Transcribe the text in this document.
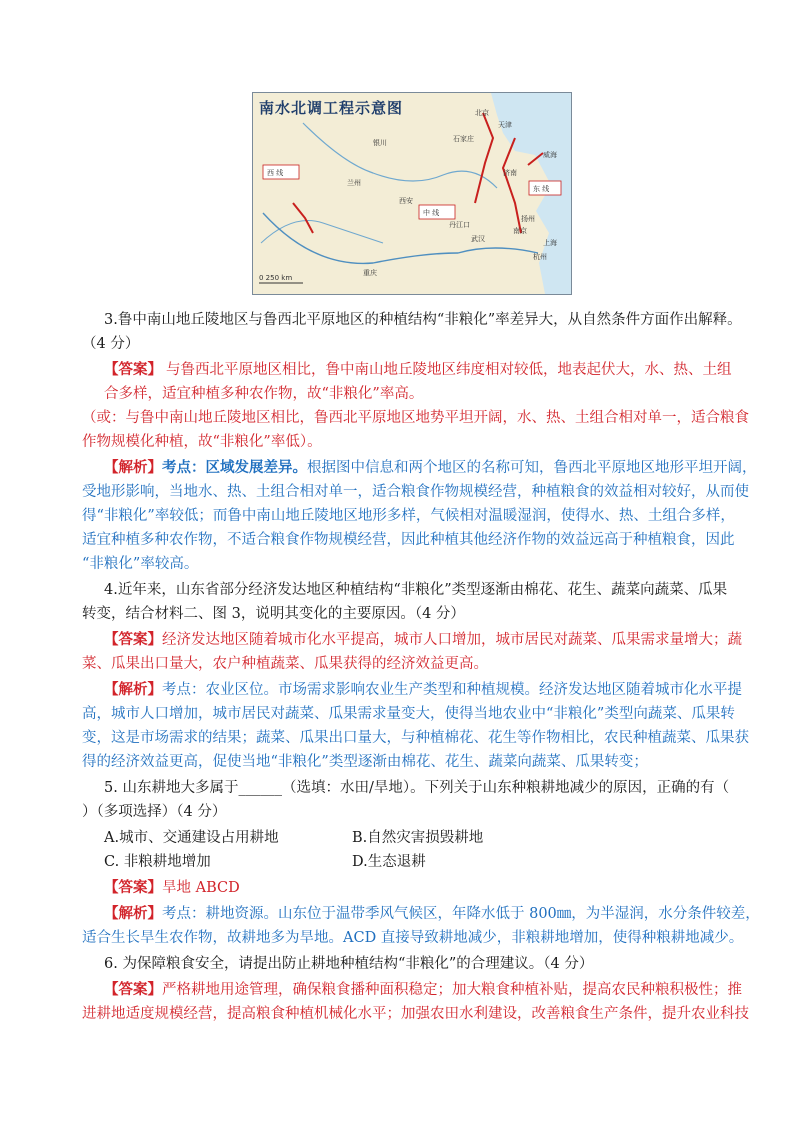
西 线
中 线
东 线
北京
天津
石家庄
济南
兰州
西安
扬州
南京
上海
杭州
武汉
重庆
威海
银川
丹江口
0 250 km
南水北调工程示意图
3.鲁中南山地丘陵地区与鲁西北平原地区的种植结构“非粮化”率差异大，从自然条件方面作出解释。
（4 分）
【答案】 与鲁西北平原地区相比，鲁中南山地丘陵地区纬度相对较低，地表起伏大，水、热、土组
合多样，适宜种植多种农作物，故“非粮化”率高。
（或：与鲁中南山地丘陵地区相比，鲁西北平原地区地势平坦开阔，水、热、土组合相对单一，适合粮食
作物规模化种植，故“非粮化”率低）。
【解析】考点：区域发展差异。根据图中信息和两个地区的名称可知，鲁西北平原地区地形平坦开阔，
受地形影响，当地水、热、土组合相对单一，适合粮食作物规模经营，种植粮食的效益相对较好，从而使
得“非粮化”率较低；而鲁中南山地丘陵地区地形多样，气候相对温暖湿润，使得水、热、土组合多样，
适宜种植多种农作物，不适合粮食作物规模经营，因此种植其他经济作物的效益远高于种植粮食，因此
“非粮化”率较高。
4.近年来，山东省部分经济发达地区种植结构“非粮化”类型逐渐由棉花、花生、蔬菜向蔬菜、瓜果
转变，结合材料二、图 3，说明其变化的主要原因。（4 分）
【答案】经济发达地区随着城市化水平提高，城市人口增加，城市居民对蔬菜、瓜果需求量增大；蔬
菜、瓜果出口量大，农户种植蔬菜、瓜果获得的经济效益更高。
【解析】考点：农业区位。市场需求影响农业生产类型和种植规模。经济发达地区随着城市化水平提
高，城市人口增加，城市居民对蔬菜、瓜果需求量变大，使得当地农业中“非粮化”类型向蔬菜、瓜果转
变，这是市场需求的结果；蔬菜、瓜果出口量大，与种植棉花、花生等作物相比，农民种植蔬菜、瓜果获
得的经济效益更高，促使当地“非粮化”类型逐渐由棉花、花生、蔬菜向蔬菜、瓜果转变；
5. 山东耕地大多属于______（选填：水田/旱地）。下列关于山东种粮耕地减少的原因，正确的有（
）（多项选择）（4 分）
A.城市、交通建设占用耕地	B.自然灾害损毁耕地
C. 非粮耕地增加	D.生态退耕
【答案】旱地 ABCD
【解析】考点：耕地资源。山东位于温带季风气候区，年降水低于 800㎜，为半湿润，水分条件较差，
适合生长旱生农作物，故耕地多为旱地。ACD 直接导致耕地减少，非粮耕地增加，使得种粮耕地减少。
6. 为保障粮食安全，请提出防止耕地种植结构“非粮化”的合理建议。（4 分）
【答案】严格耕地用途管理，确保粮食播种面积稳定；加大粮食种植补贴，提高农民种粮积极性；推
进耕地适度规模经营，提高粮食种植机械化水平；加强农田水利建设，改善粮食生产条件，提升农业科技
